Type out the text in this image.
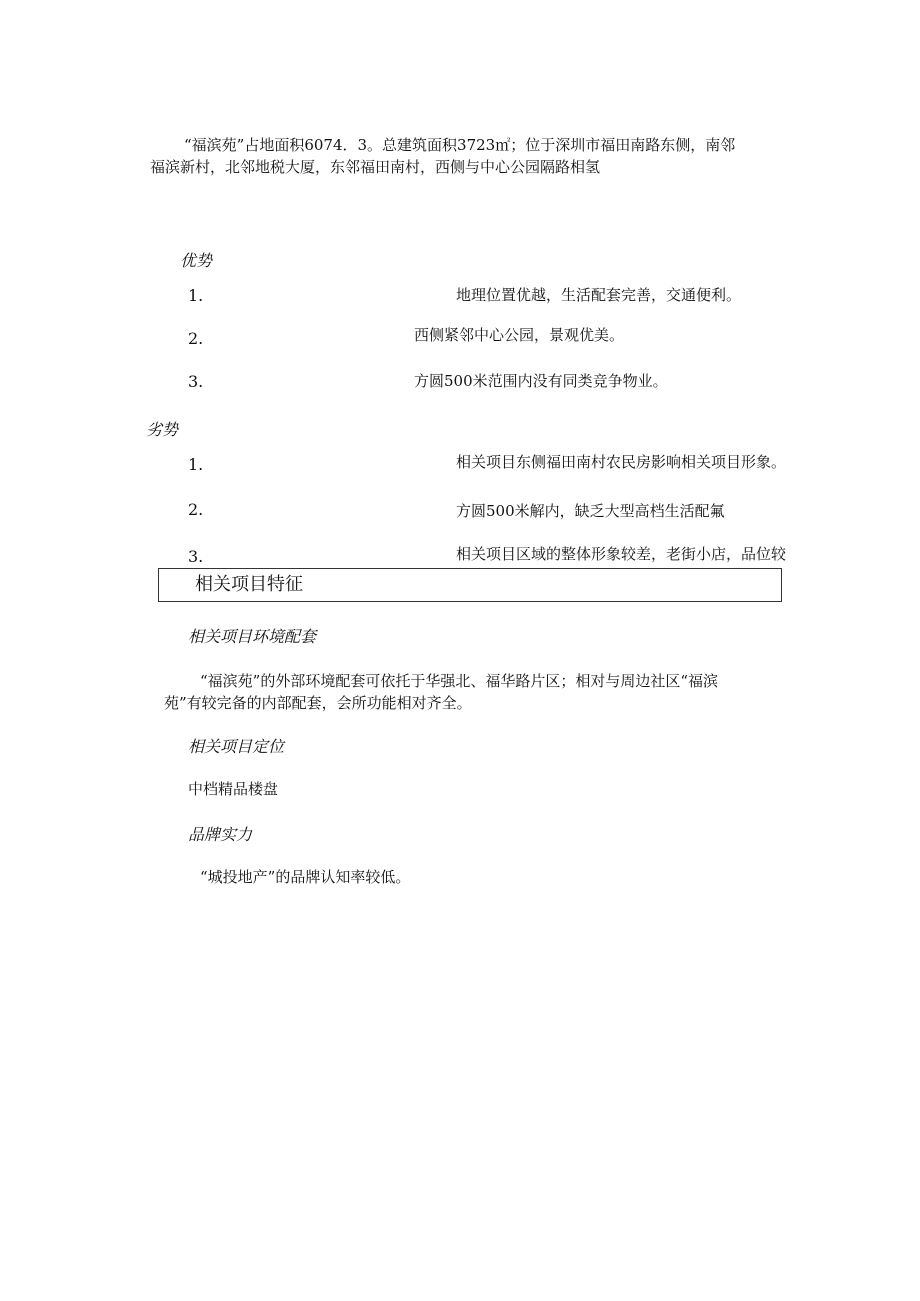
“福滨苑”占地面积6074．3。总建筑面积3723㎡；位于深圳市福田南路东侧，南邻
福滨新村，北邻地税大厦，东邻福田南村，西侧与中心公园隔路相氢
优势
1.	地理位置优越，生活配套完善，交通便利。
2.	西侧紧邻中心公园，景观优美。
3.	方圆500米范围内没有同类竞争物业。
劣势
1.	相关项目东侧福田南村农民房影响相关项目形象。
2.	方圆500米解内，缺乏大型高档生活配氟
3.	相关项目区域的整体形象较差，老街小店，品位较
相关项目特征
相关项目环境配套
“福滨苑”的外部环境配套可依托于华强北、福华路片区；相对与周边社区“福滨
苑”有较完备的内部配套，会所功能相对齐全。
相关项目定位
中档精品楼盘
品牌实力
“城投地产”的品牌认知率较低。
